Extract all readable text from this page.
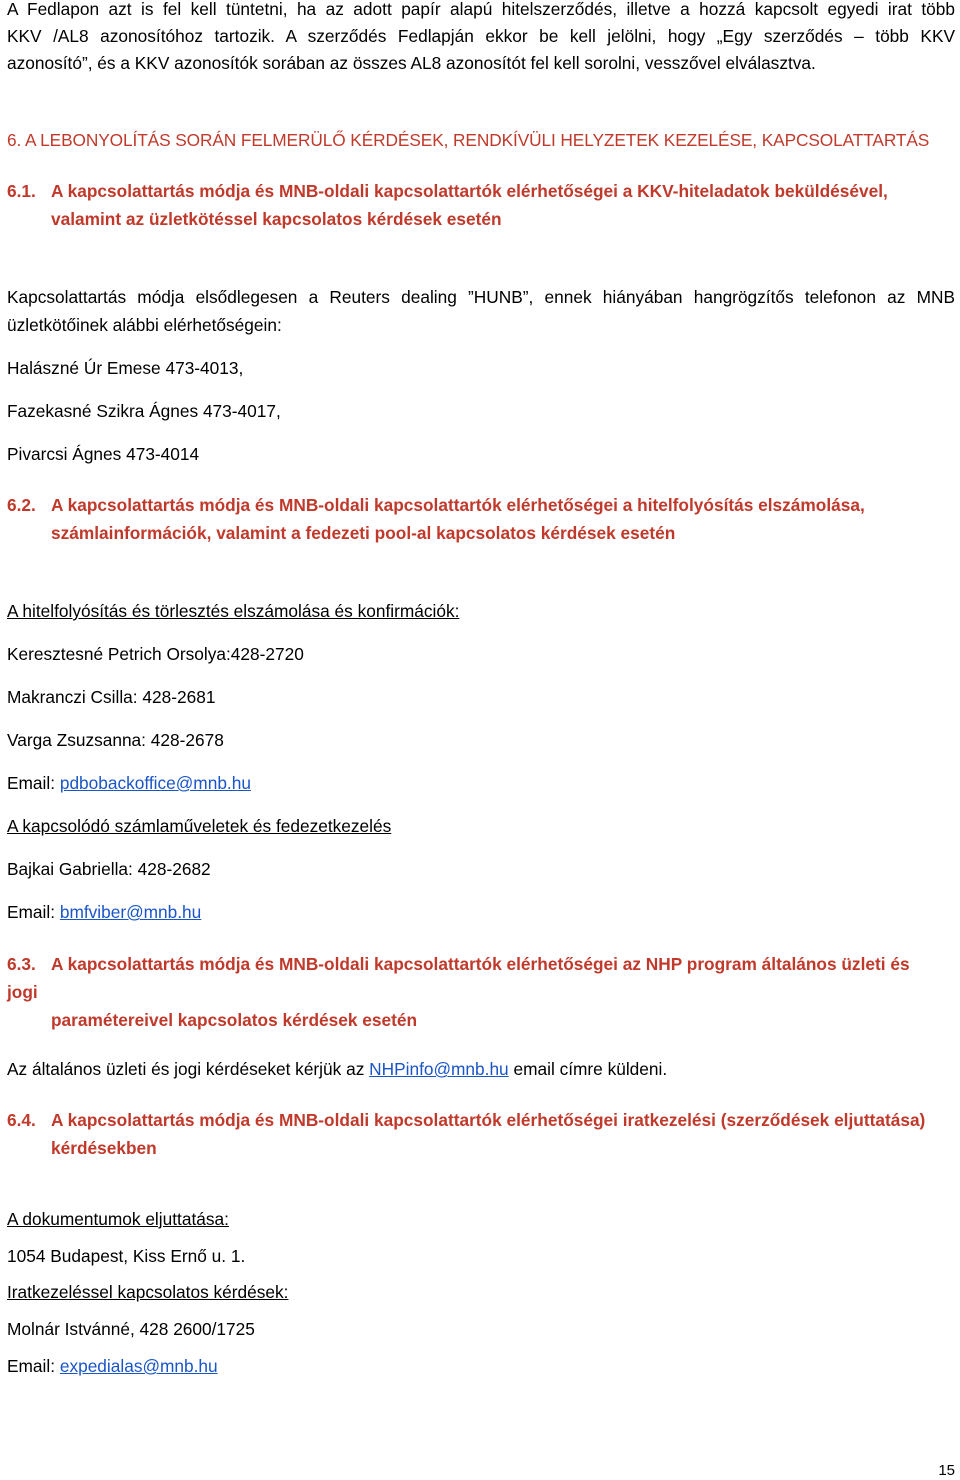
A Fedlapon azt is fel kell tüntetni, ha az adott papír alapú hitelszerződés, illetve a hozzá kapcsolt egyedi irat több
KKV /AL8 azonosítóhoz tartozik. A szerződés Fedlapján ekkor be kell jelölni, hogy „Egy szerződés – több KKV
azonosító”, és a KKV azonosítók sorában az összes AL8 azonosítót fel kell sorolni, vesszővel elválasztva.
6. A LEBONYOLÍTÁS SORÁN FELMERÜLŐ KÉRDÉSEK, RENDKÍVÜLI HELYZETEK KEZELÉSE, KAPCSOLATTARTÁS
6.1. A kapcsolattartás módja és MNB-oldali kapcsolattartók elérhetőségei a KKV-hiteladatok beküldésével,
valamint az üzletkötéssel kapcsolatos kérdések esetén
Kapcsolattartás módja elsődlegesen a Reuters dealing ”HUNB”, ennek hiányában hangrögzítős telefonon az MNB
üzletkötőinek alábbi elérhetőségein:
Halászné Úr Emese 473-4013,
Fazekasné Szikra Ágnes 473-4017,
Pivarcsi Ágnes 473-4014
6.2. A kapcsolattartás módja és MNB-oldali kapcsolattartók elérhetőségei a hitelfolyósítás elszámolása,
számlainformációk, valamint a fedezeti pool-al kapcsolatos kérdések esetén
A hitelfolyósítás és törlesztés elszámolása és konfirmációk:
Keresztesné Petrich Orsolya:428-2720
Makranczi Csilla: 428-2681
Varga Zsuzsanna: 428-2678
Email: pdbobackoffice@mnb.hu
A kapcsolódó számlaműveletek és fedezetkezelés
Bajkai Gabriella: 428-2682
Email: bmfviber@mnb.hu
6.3. A kapcsolattartás módja és MNB-oldali kapcsolattartók elérhetőségei az NHP program általános üzleti és jogi
paramétereivel kapcsolatos kérdések esetén
Az általános üzleti és jogi kérdéseket kérjük az NHPinfo@mnb.hu email címre küldeni.
6.4. A kapcsolattartás módja és MNB-oldali kapcsolattartók elérhetőségei iratkezelési (szerződések eljuttatása)
kérdésekben
A dokumentumok eljuttatása:
1054 Budapest, Kiss Ernő u. 1.
Iratkezeléssel kapcsolatos kérdések:
Molnár Istvánné, 428 2600/1725
Email: expedialas@mnb.hu
15
